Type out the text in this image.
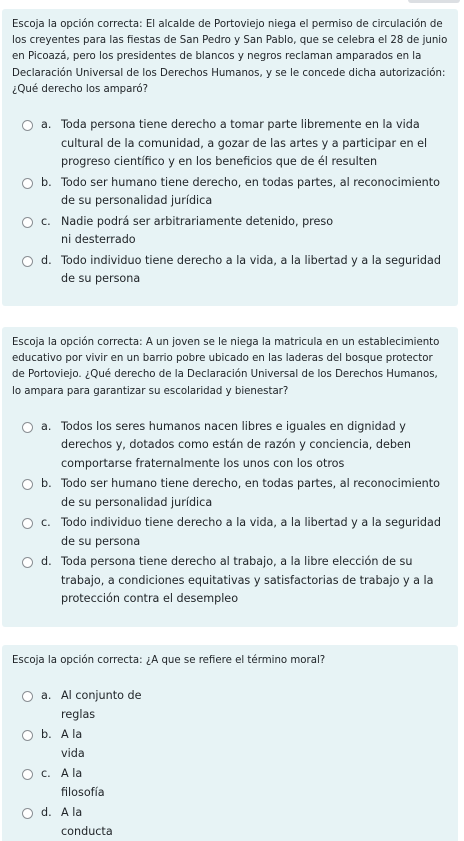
Escoja la opción correcta: El alcalde de Portoviejo niega el permiso de circulación de los creyentes para las fiestas de San Pedro y San Pablo, que se celebra el 28 de junio en Picoazá, pero los presidentes de blancos y negros reclaman amparados en la Declaración Universal de los Derechos Humanos, y se le concede dicha autorización: ¿Qué derecho los amparó?

a. Toda persona tiene derecho a tomar parte libremente en la vida cultural de la comunidad, a gozar de las artes y a participar en el progreso científico y en los beneficios que de él resulten
b. Todo ser humano tiene derecho, en todas partes, al reconocimiento de su personalidad jurídica
c. Nadie podrá ser arbitrariamente detenido, preso ni desterrado
d. Todo individuo tiene derecho a la vida, a la libertad y a la seguridad de su persona

Escoja la opción correcta: A un joven se le niega la matricula en un establecimiento educativo por vivir en un barrio pobre ubicado en las laderas del bosque protector de Portoviejo. ¿Qué derecho de la Declaración Universal de los Derechos Humanos, lo ampara para garantizar su escolaridad y bienestar?

a. Todos los seres humanos nacen libres e iguales en dignidad y derechos y, dotados como están de razón y conciencia, deben comportarse fraternalmente los unos con los otros
b. Todo ser humano tiene derecho, en todas partes, al reconocimiento de su personalidad jurídica
c. Todo individuo tiene derecho a la vida, a la libertad y a la seguridad de su persona
d. Toda persona tiene derecho al trabajo, a la libre elección de su trabajo, a condiciones equitativas y satisfactorias de trabajo y a la protección contra el desempleo

Escoja la opción correcta: ¿A que se refiere el término moral?

a. Al conjunto de reglas
b. A la vida
c. A la filosofía
d. A la conducta
